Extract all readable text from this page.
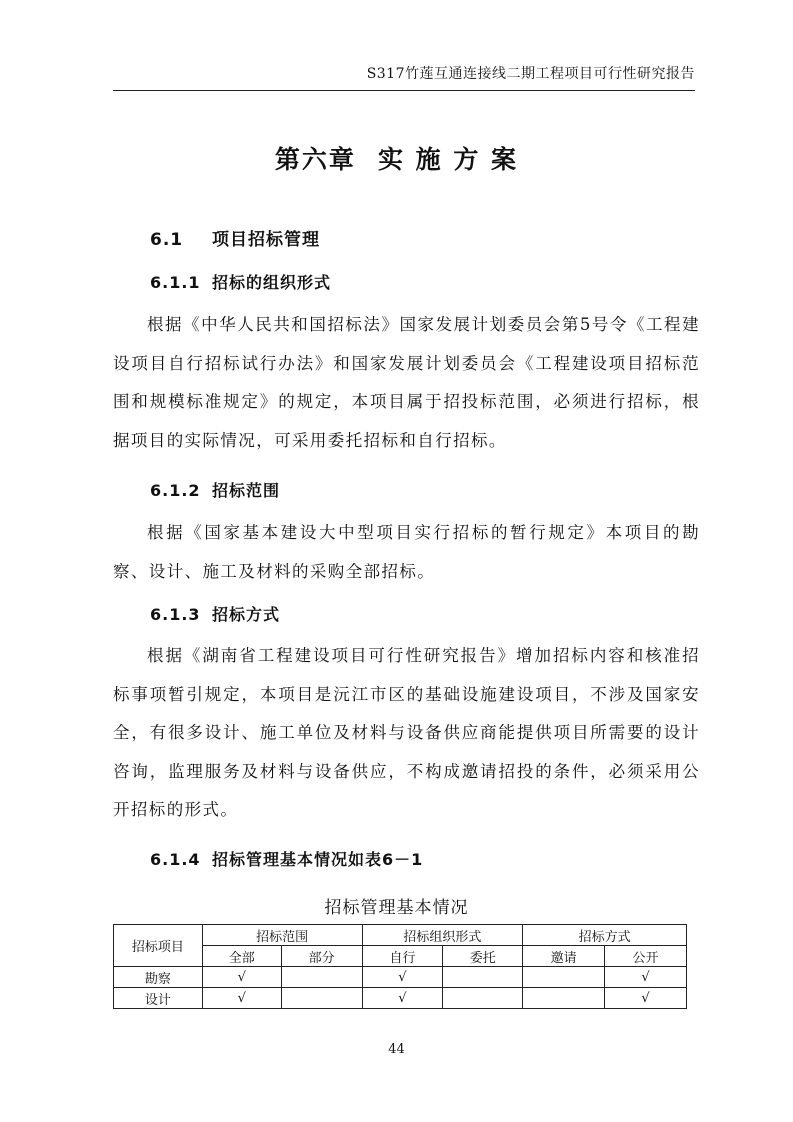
S317竹莲互通连接线二期工程项目可行性研究报告
第六章 实 施 方 案
6.1 项目招标管理
6.1.1 招标的组织形式
根据《中华人民共和国招标法》国家发展计划委员会第5号令《工程建设项目自行招标试行办法》和国家发展计划委员会《工程建设项目招标范围和规模标准规定》的规定，本项目属于招投标范围，必须进行招标，根据项目的实际情况，可采用委托招标和自行招标。
6.1.2 招标范围
根据《国家基本建设大中型项目实行招标的暂行规定》本项目的勘察、设计、施工及材料的采购全部招标。
6.1.3 招标方式
根据《湖南省工程建设项目可行性研究报告》增加招标内容和核准招标事项暂引规定，本项目是沅江市区的基础设施建设项目，不涉及国家安全，有很多设计、施工单位及材料与设备供应商能提供项目所需要的设计咨询，监理服务及材料与设备供应，不构成邀请招投的条件，必须采用公开招标的形式。
6.1.4 招标管理基本情况如表6－1
招标管理基本情况
招标项目	招标范围		招标组织形式		招标方式	
	全部	部分	自行	委托	邀请	公开
勘察	√		√			√
设计	√		√			√
44
